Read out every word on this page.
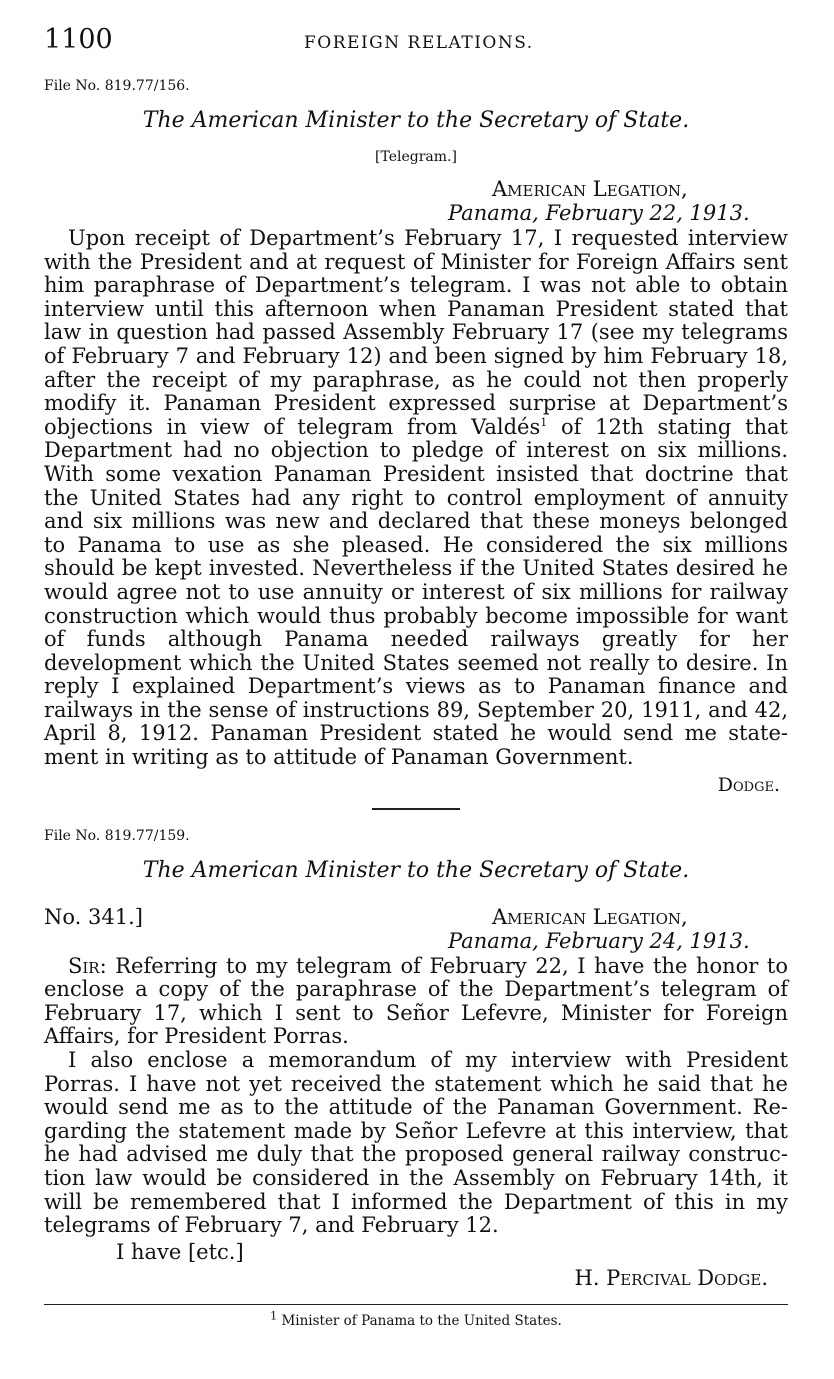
1100	FOREIGN RELATIONS.

File No. 819.77/156.

The American Minister to the Secretary of State.

[Telegram.]

American Legation,
Panama, February 22, 1913.

Upon receipt of Department’s February 17, I requested interview with the President and at request of Minister for Foreign Affairs sent him paraphrase of Department’s telegram. I was not able to obtain interview until this afternoon when Panaman President stated that law in question had passed Assembly February 17 (see my telegrams of February 7 and February 12) and been signed by him February 18, after the receipt of my paraphrase, as he could not then properly modify it. Panaman President expressed surprise at Department’s objections in view of telegram from Valdés$^1$ of 12th stating that Department had no objection to pledge of interest on six millions. With some vexation Panaman President insisted that doctrine that the United States had any right to control employment of annuity and six millions was new and declared that these moneys belonged to Panama to use as she pleased. He considered the six millions should be kept invested. Nevertheless if the United States desired he would agree not to use annuity or interest of six millions for railway construction which would thus probably become impossible for want of funds although Panama needed railways greatly for her development which the United States seemed not really to desire. In reply I explained Department’s views as to Panaman finance and railways in the sense of instructions 89, September 20, 1911, and 42, April 8, 1912. Panaman President stated he would send me statement in writing as to attitude of Panaman Government.

Dodge.

File No. 819.77/159.

The American Minister to the Secretary of State.

No. 341.]	American Legation,
Panama, February 24, 1913.

Sir: Referring to my telegram of February 22, I have the honor to enclose a copy of the paraphrase of the Department’s telegram of February 17, which I sent to Señor Lefevre, Minister for Foreign Affairs, for President Porras.

I also enclose a memorandum of my interview with President Porras. I have not yet received the statement which he said that he would send me as to the attitude of the Panaman Government. Regarding the statement made by Señor Lefevre at this interview, that he had advised me duly that the proposed general railway construction law would be considered in the Assembly on February 14th, it will be remembered that I informed the Department of this in my telegrams of February 7, and February 12.

I have [etc.]
H. Percival Dodge.
$^1$ Minister of Panama to the United States.
